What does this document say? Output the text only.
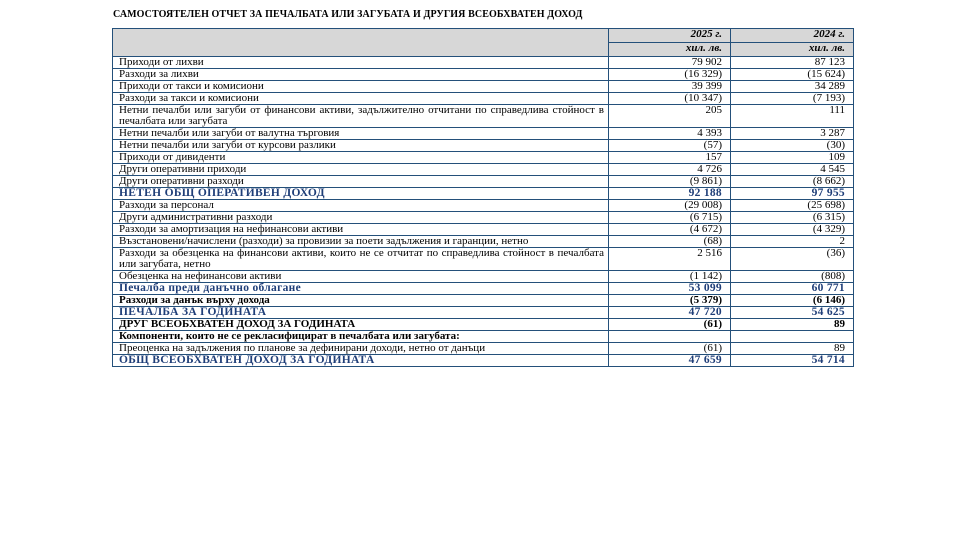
САМОСТОЯТЕЛЕН ОТЧЕТ ЗА ПЕЧАЛБАТА ИЛИ ЗАГУБАТА И ДРУГИЯ ВСЕОБХВАТЕН ДОХОД
	2025 г.	2024 г.
	хил. лв.	хил. лв.
Приходи от лихви	79 902	87 123
Разходи за лихви	(16 329)	(15 624)
Приходи от такси и комисиони	39 399	34 289
Разходи за такси и комисиони	(10 347)	(7 193)
Нетни печалби или загуби от финансови активи, задължително отчитани по справедлива стойност в печалбата или загубата	205	111
Нетни печалби или загуби от валутна търговия	4 393	3 287
Нетни печалби или загуби от курсови разлики	(57)	(30)
Приходи от дивиденти	157	109
Други оперативни приходи	4 726	4 545
Други оперативни разходи	(9 861)	(8 662)
НЕТЕН ОБЩ ОПЕРАТИВЕН ДОХОД	92 188	97 955
Разходи за персонал	(29 008)	(25 698)
Други административни разходи	(6 715)	(6 315)
Разходи за амортизация на нефинансови активи	(4 672)	(4 329)
Възстановени/начислени (разходи) за провизии за поети задължения и гаранции, нетно	(68)	2
Разходи за обезценка на финансови активи, които не се отчитат по справедлива стойност в печалбата или загубата, нетно	2 516	(36)
Обезценка на нефинансови активи	(1 142)	(808)
Печалба преди данъчно облагане	53 099	60 771
Разходи за данък върху дохода	(5 379)	(6 146)
ПЕЧАЛБА ЗА ГОДИНАТА	47 720	54 625
ДРУГ ВСЕОБХВАТЕН ДОХОД ЗА ГОДИНАТА	(61)	89
Компоненти, които не се рекласифицират в печалбата или загубата:		
Преоценка на задължения по планове за дефинирани доходи, нетно от данъци	(61)	89
ОБЩ ВСЕОБХВАТЕН ДОХОД ЗА ГОДИНАТА	47 659	54 714
